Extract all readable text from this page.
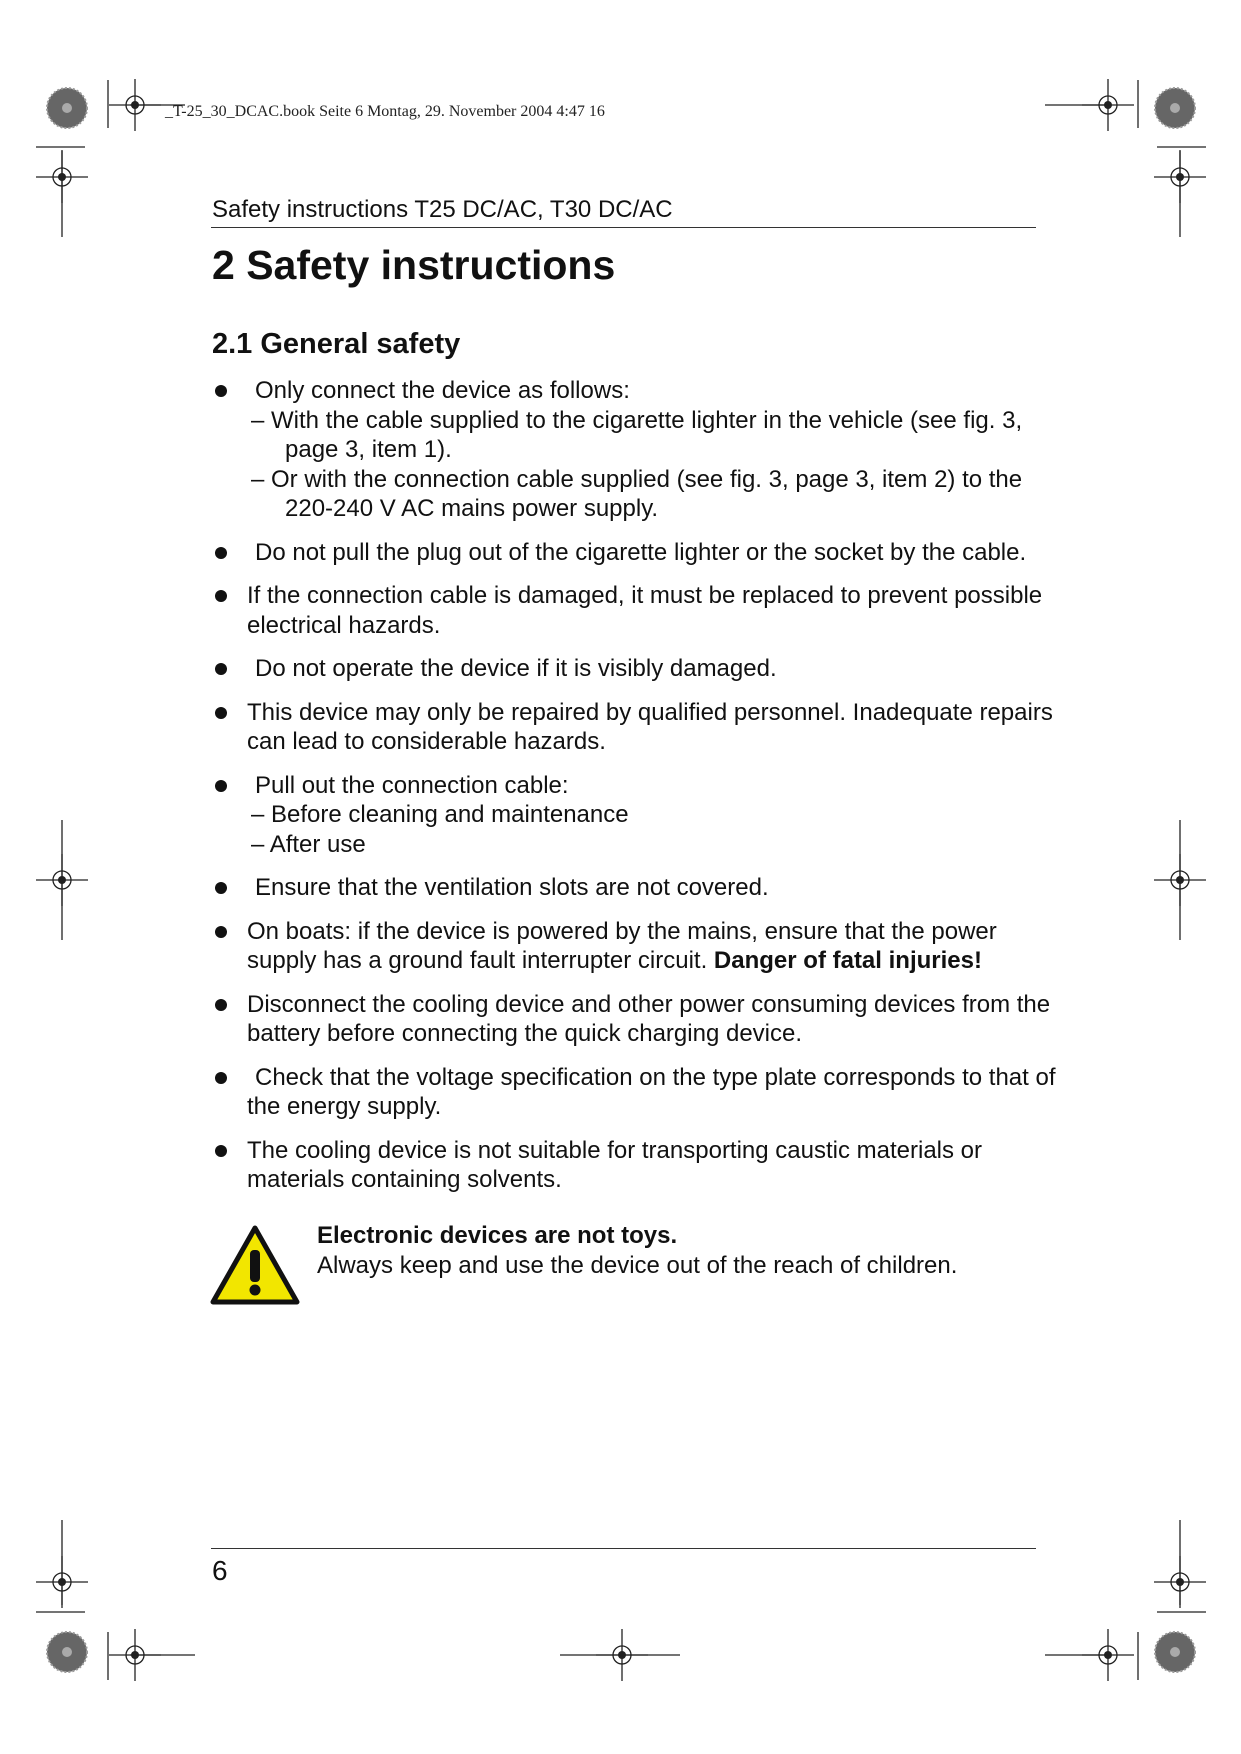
_T-25_30_DCAC.book Seite 6 Montag, 29. November 2004 4:47 16
Safety instructions T25 DC/AC, T30 DC/AC
2 Safety instructions
2.1 General safety
Only connect the device as follows:
– With the cable supplied to the cigarette lighter in the vehicle (see fig. 3, page 3, item 1).
– Or with the connection cable supplied (see fig. 3, page 3, item 2) to the 220-240 V AC mains power supply.
Do not pull the plug out of the cigarette lighter or the socket by the cable.
If the connection cable is damaged, it must be replaced to prevent possible electrical hazards.
Do not operate the device if it is visibly damaged.
This device may only be repaired by qualified personnel. Inadequate repairs can lead to considerable hazards.
Pull out the connection cable:
– Before cleaning and maintenance
– After use
Ensure that the ventilation slots are not covered.
On boats: if the device is powered by the mains, ensure that the power supply has a ground fault interrupter circuit. Danger of fatal injuries!
Disconnect the cooling device and other power consuming devices from the battery before connecting the quick charging device.
Check that the voltage specification on the type plate corresponds to that of the energy supply.
The cooling device is not suitable for transporting caustic materials or materials containing solvents.
Electronic devices are not toys.
Always keep and use the device out of the reach of children.
6
